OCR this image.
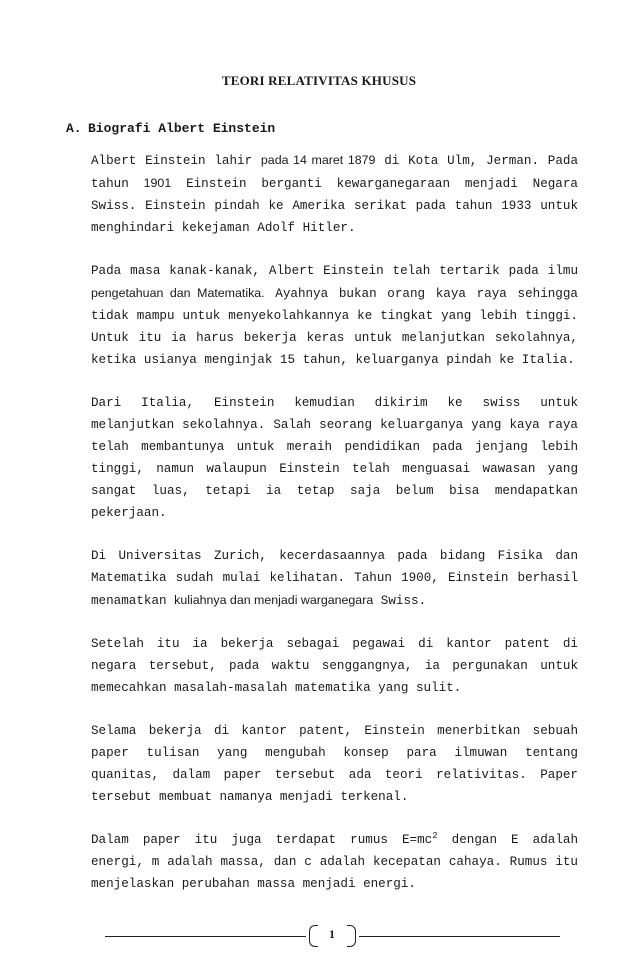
TEORI RELATIVITAS KHUSUS
A. Biografi Albert Einstein

Albert Einstein lahir pada 14 maret 1879 di Kota Ulm, Jerman. Pada tahun 1901 Einstein berganti kewarganegaraan menjadi Negara Swiss. Einstein pindah ke Amerika serikat pada tahun 1933 untuk menghindari kekejaman Adolf Hitler.

Pada masa kanak-kanak, Albert Einstein telah tertarik pada ilmu pengetahuan dan Matematika. Ayahnya bukan orang kaya raya sehingga tidak mampu untuk menyekolahkannya ke tingkat yang lebih tinggi. Untuk itu ia harus bekerja keras untuk melanjutkan sekolahnya, ketika usianya menginjak 15 tahun, keluarganya pindah ke Italia.

Dari Italia, Einstein kemudian dikirim ke swiss untuk melanjutkan sekolahnya. Salah seorang keluarganya yang kaya raya telah membantunya untuk meraih pendidikan pada jenjang lebih tinggi, namun walaupun Einstein telah menguasai wawasan yang sangat luas, tetapi ia tetap saja belum bisa mendapatkan pekerjaan.

Di Universitas Zurich, kecerdasaannya pada bidang Fisika dan Matematika sudah mulai kelihatan. Tahun 1900, Einstein berhasil menamatkan kuliahnya dan menjadi warganegara Swiss.

Setelah itu ia bekerja sebagai pegawai di kantor patent di negara tersebut, pada waktu senggangnya, ia pergunakan untuk memecahkan masalah-masalah matematika yang sulit.

Selama bekerja di kantor patent, Einstein menerbitkan sebuah paper tulisan yang mengubah konsep para ilmuwan tentang quanitas, dalam paper tersebut ada teori relativitas. Paper tersebut membuat namanya menjadi terkenal.

Dalam paper itu juga terdapat rumus $E=mc^2$ dengan E adalah energi, m adalah massa, dan c adalah kecepatan cahaya. Rumus itu menjelaskan perubahan massa menjadi energi.

1
